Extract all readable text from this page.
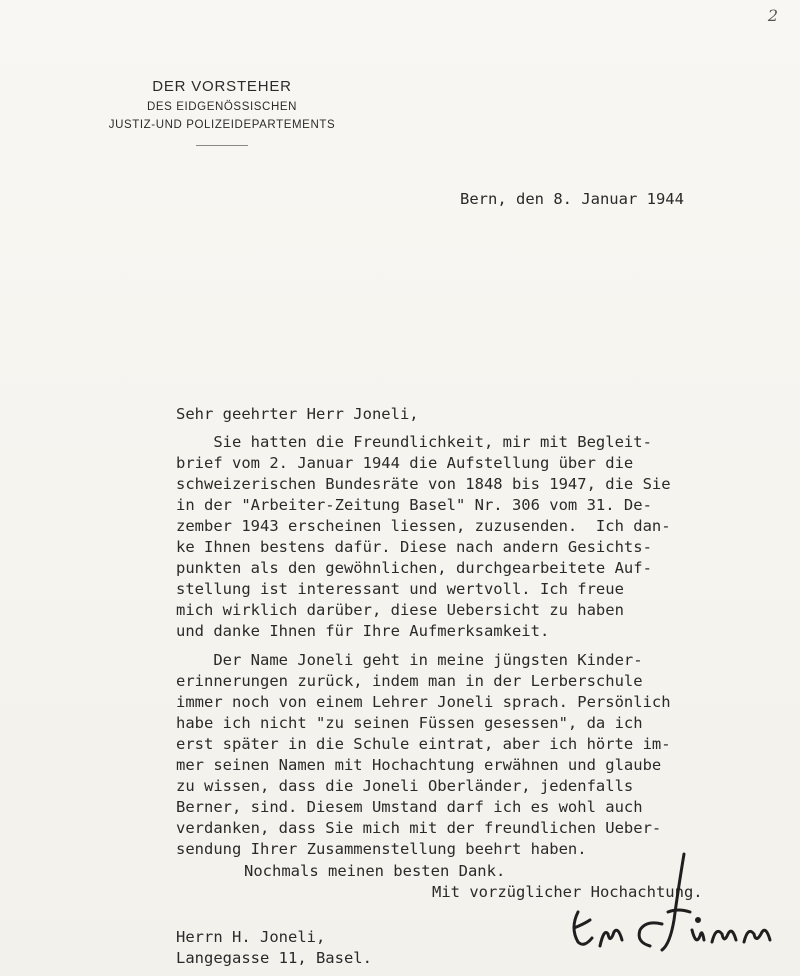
2
DER VORSTEHER
DES EIDGENÖSSISCHEN
JUSTIZ-UND POLIZEIDEPARTEMENTS
Bern, den 8. Januar 1944
Sehr geehrter Herr Joneli,
Sie hatten die Freundlichkeit, mir mit Begleit-
brief vom 2. Januar 1944 die Aufstellung über die
schweizerischen Bundesräte von 1848 bis 1947, die Sie
in der "Arbeiter-Zeitung Basel" Nr. 306 vom 31. De-
zember 1943 erscheinen liessen, zuzusenden.  Ich dan-
ke Ihnen bestens dafür. Diese nach andern Gesichts-
punkten als den gewöhnlichen, durchgearbeitete Auf-
stellung ist interessant und wertvoll. Ich freue
mich wirklich darüber, diese Uebersicht zu haben
und danke Ihnen für Ihre Aufmerksamkeit.
Der Name Joneli geht in meine jüngsten Kinder-
erinnerungen zurück, indem man in der Lerberschule
immer noch von einem Lehrer Joneli sprach. Persönlich
habe ich nicht "zu seinen Füssen gesessen", da ich
erst später in die Schule eintrat, aber ich hörte im-
mer seinen Namen mit Hochachtung erwähnen und glaube
zu wissen, dass die Joneli Oberländer, jedenfalls
Berner, sind. Diesem Umstand darf ich es wohl auch
verdanken, dass Sie mich mit der freundlichen Ueber-
sendung Ihrer Zusammenstellung beehrt haben.
Nochmals meinen besten Dank.
Mit vorzüglicher Hochachtung.
Herrn H. Joneli,
Langegasse 11, Basel.
